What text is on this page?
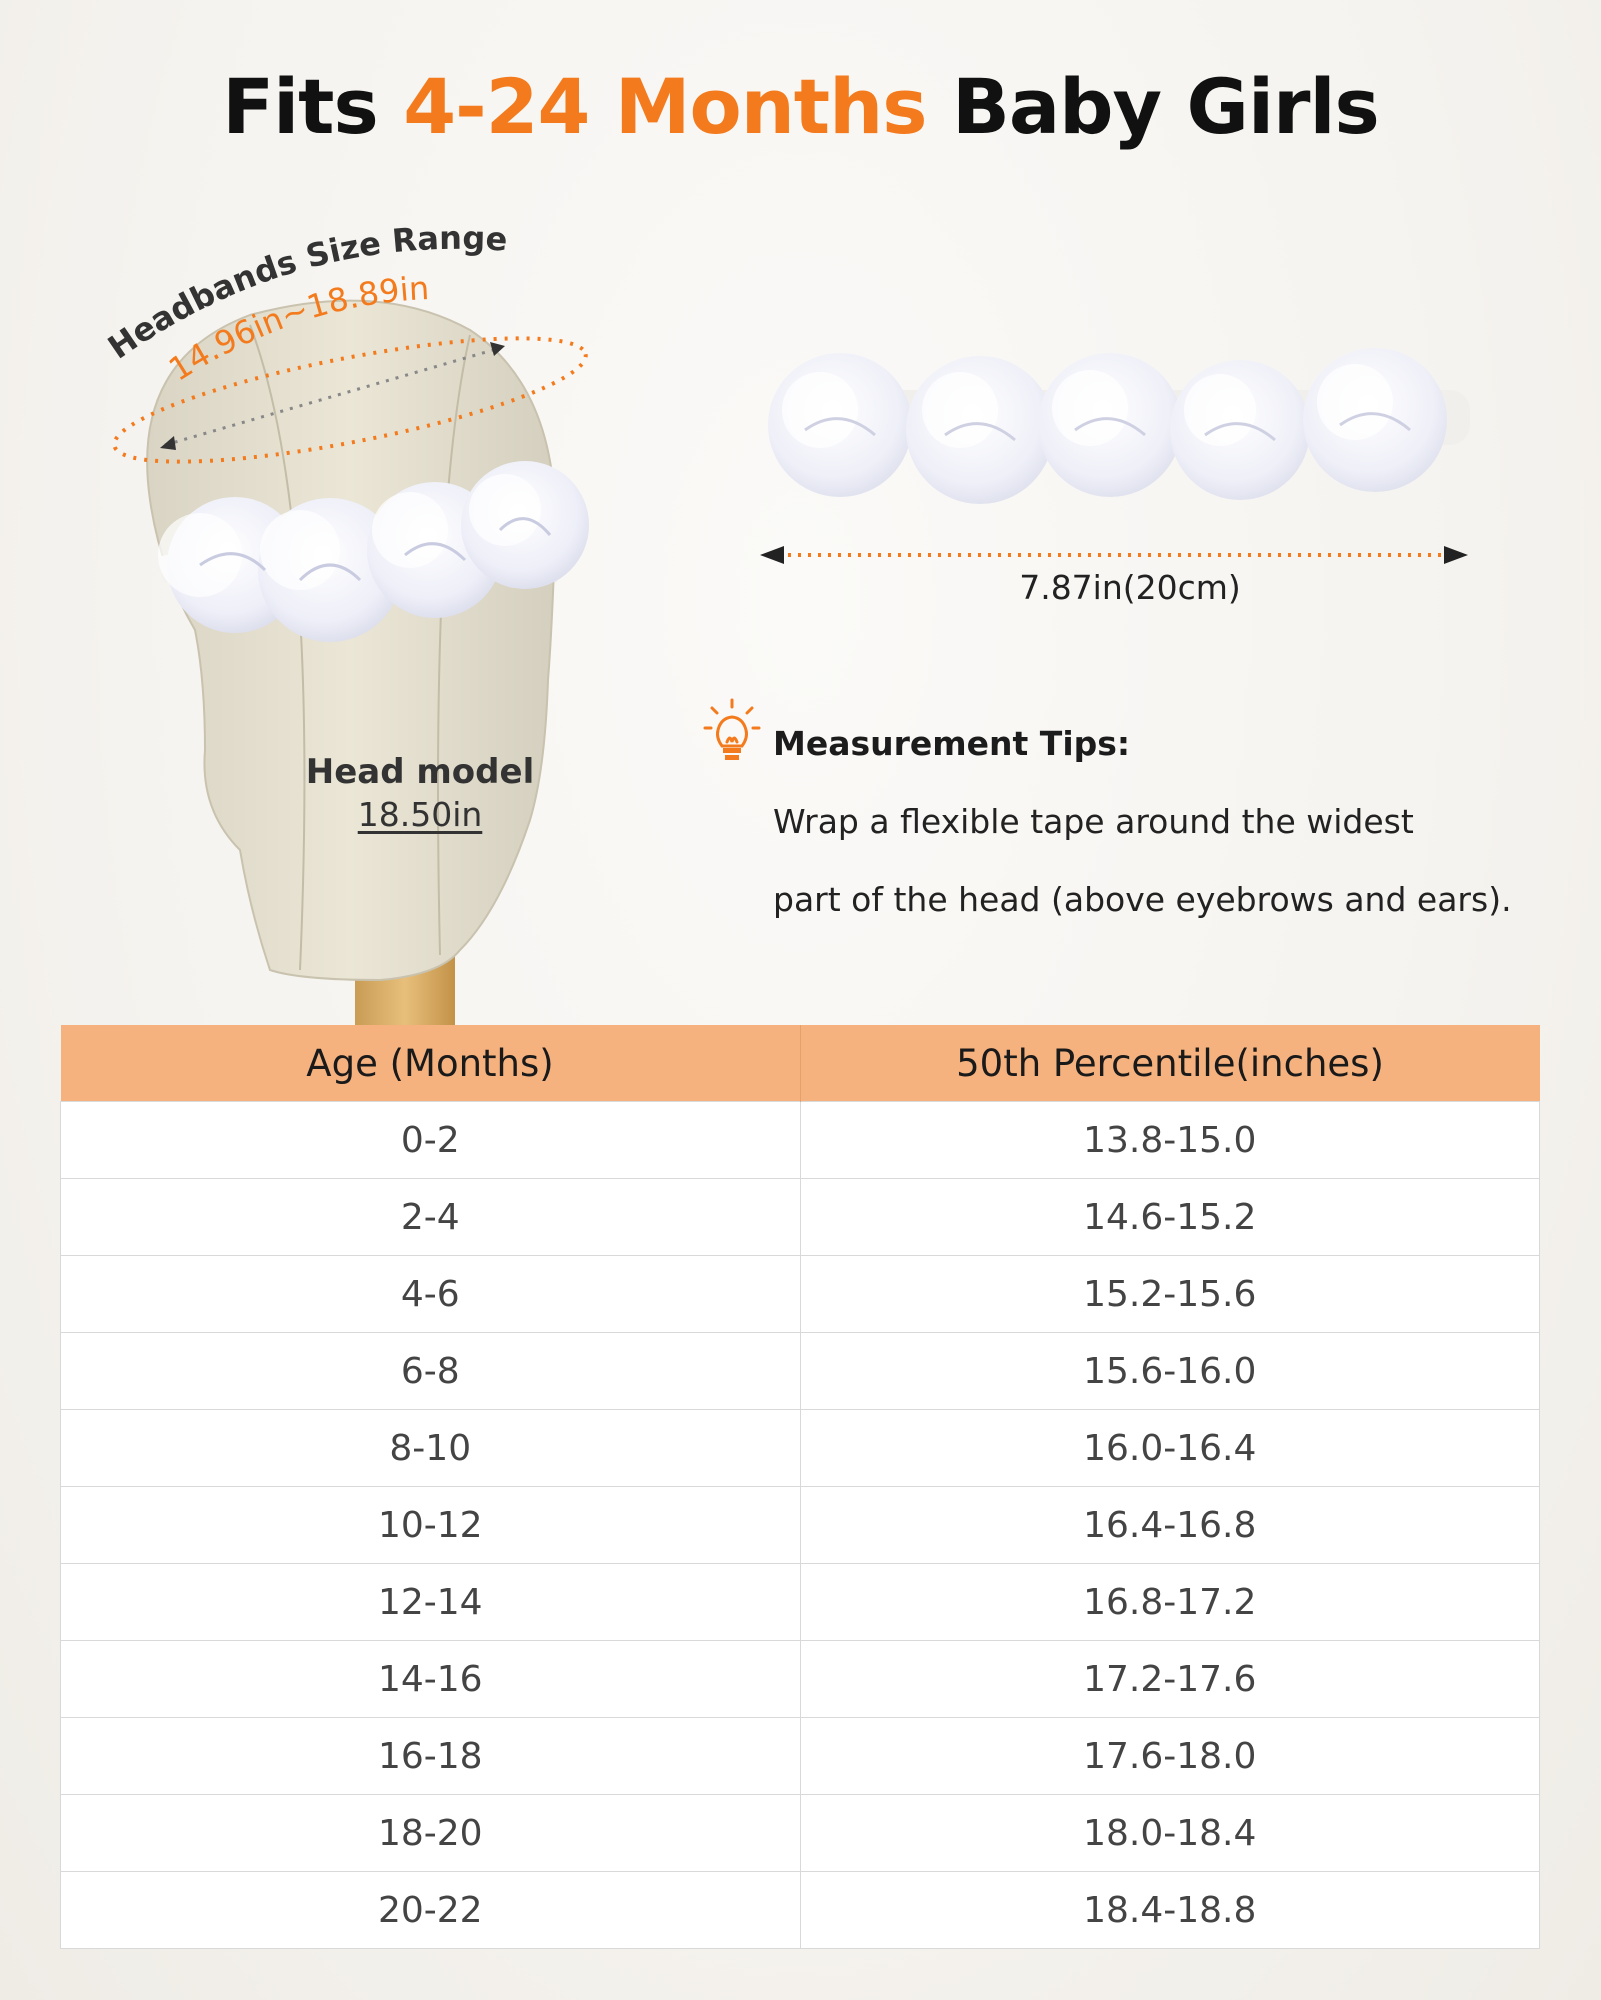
Fits 4-24 Months Baby Girls
Headbands Size Range
14.96in~18.89in
Head model
18.50in
7.87in(20cm)
Measurement Tips:
Wrap a flexible tape around the widest
part of the head (above eyebrows and ears).
Age (Months)	50th Percentile(inches)
0-2	13.8-15.0
2-4	14.6-15.2
4-6	15.2-15.6
6-8	15.6-16.0
8-10	16.0-16.4
10-12	16.4-16.8
12-14	16.8-17.2
14-16	17.2-17.6
16-18	17.6-18.0
18-20	18.0-18.4
20-22	18.4-18.8
